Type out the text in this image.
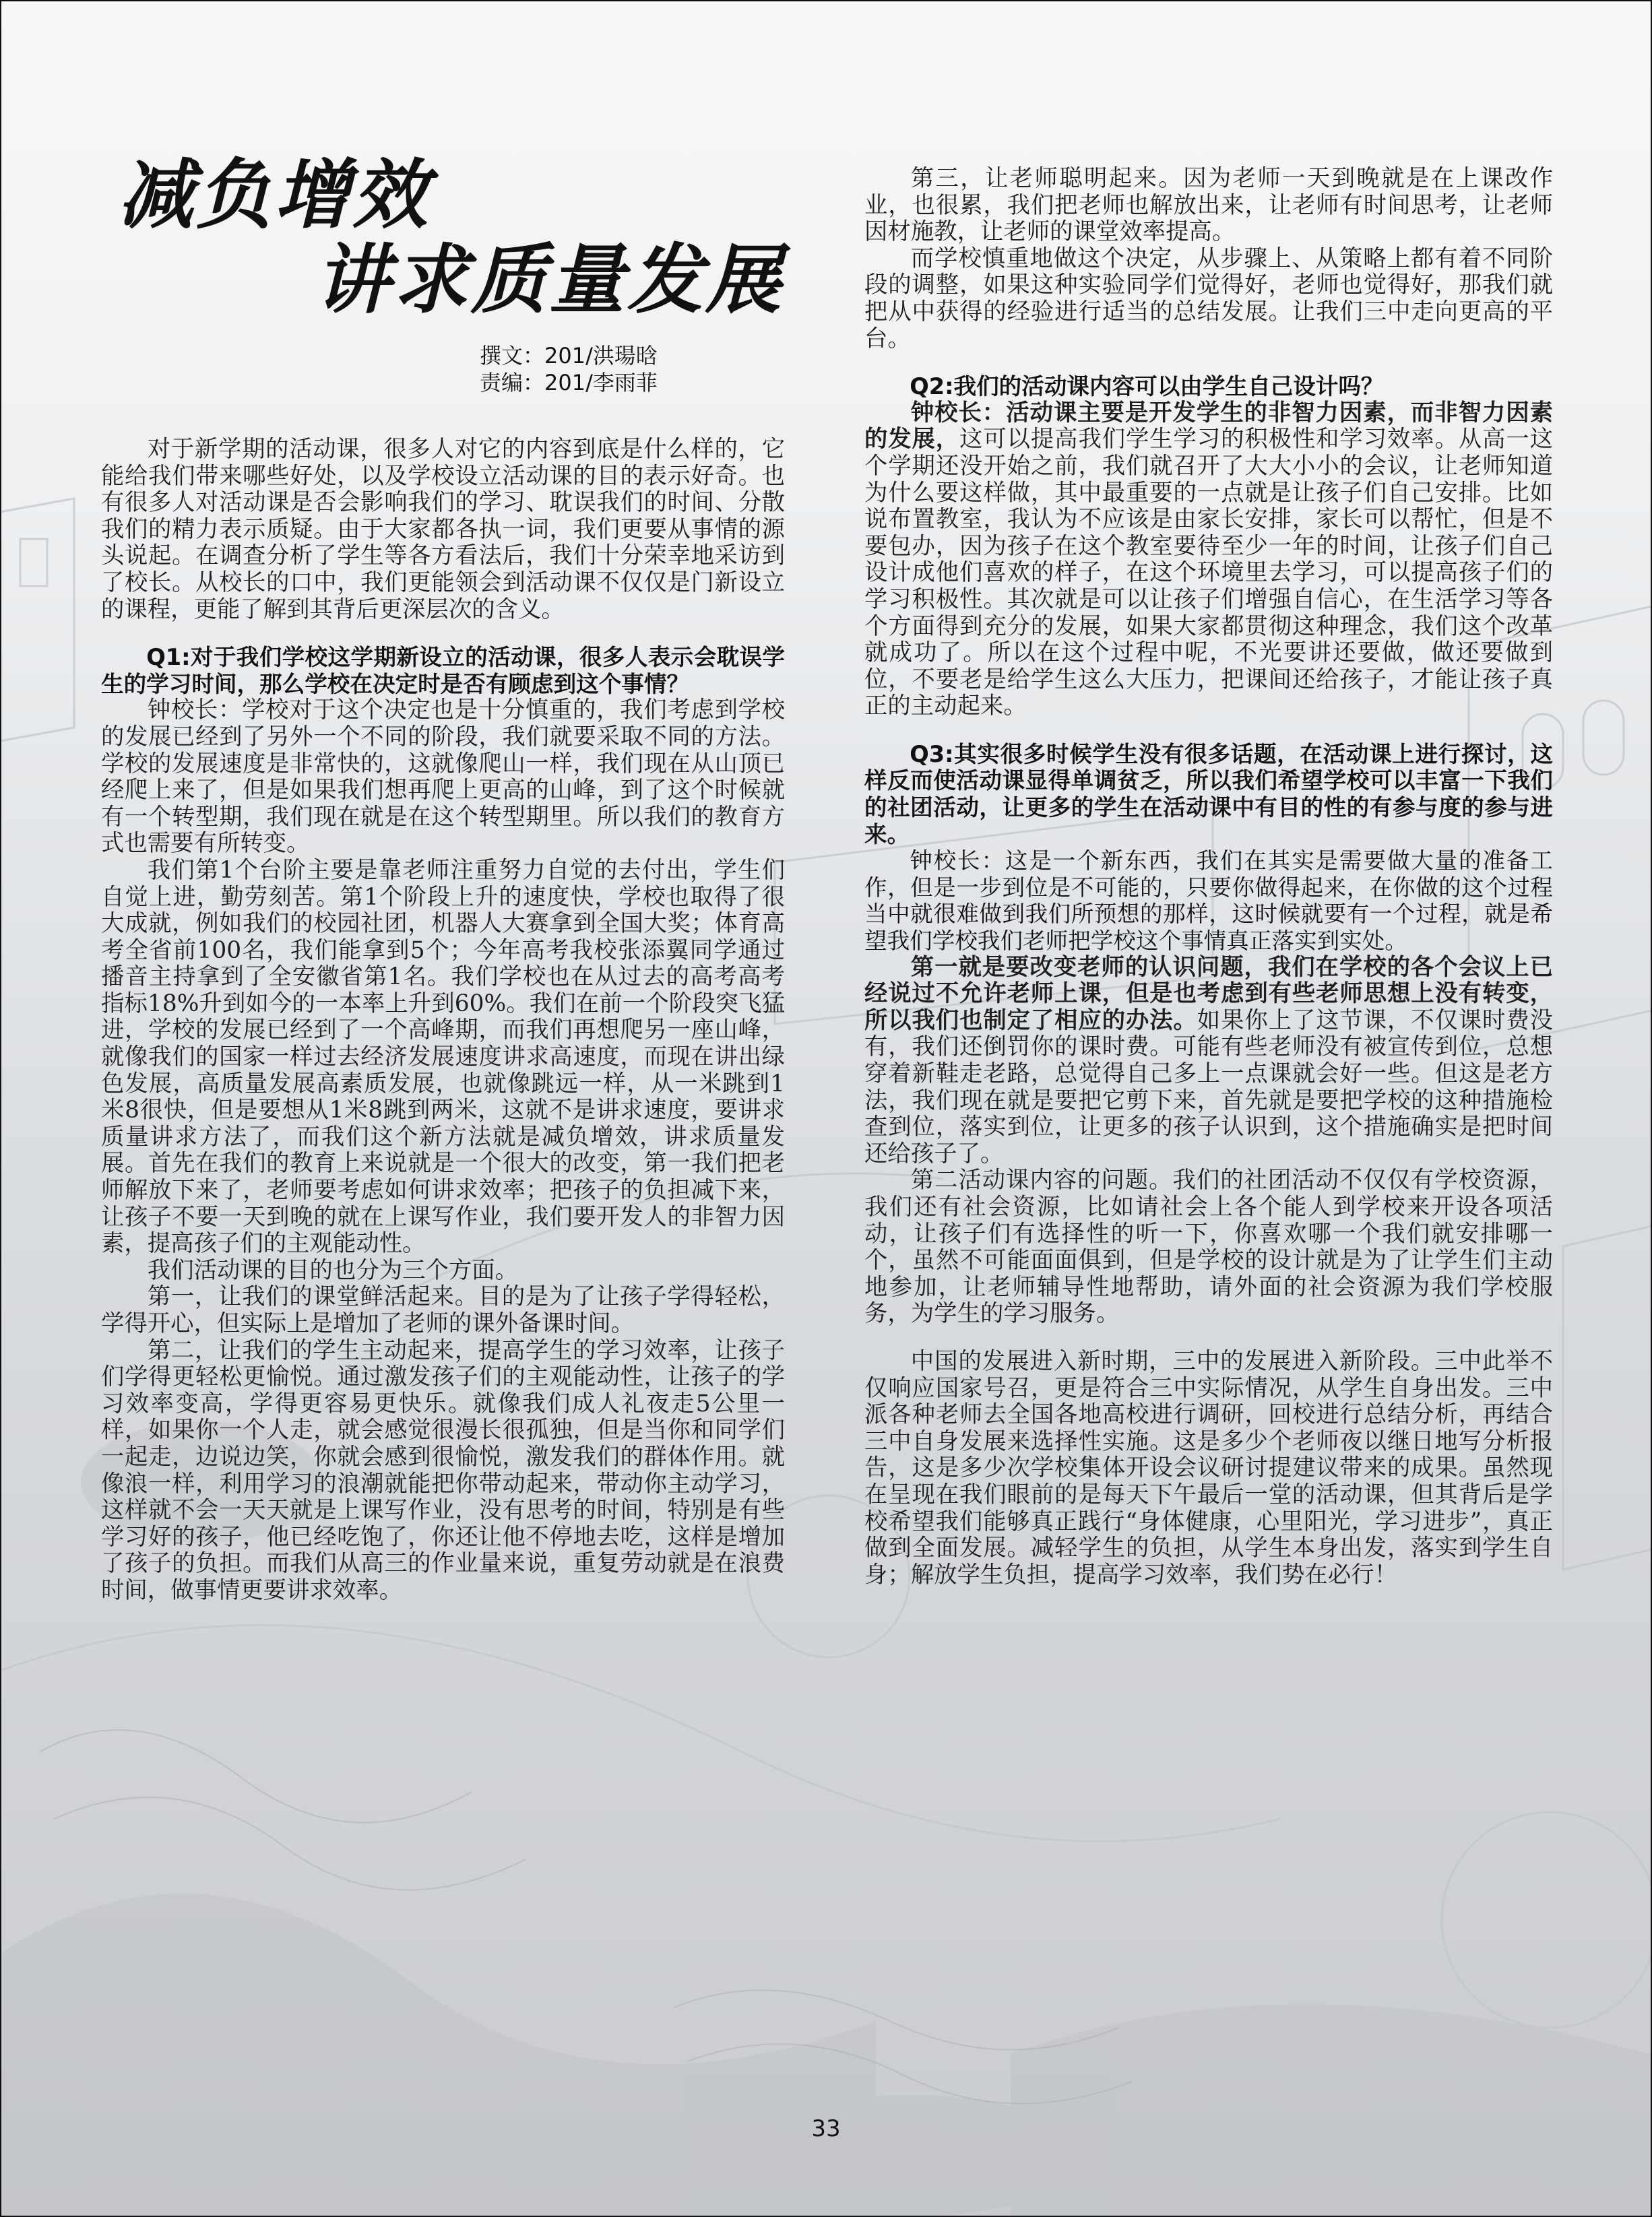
减负增效
讲求质量发展
撰文：201/洪瑒晗
责编：201/李雨菲

对于新学期的活动课，很多人对它的内容到底是什么样的，它能给我们带来哪些好处，以及学校设立活动课的目的表示好奇。也有很多人对活动课是否会影响我们的学习、耽误我们的时间、分散我们的精力表示质疑。由于大家都各执一词，我们更要从事情的源头说起。在调查分析了学生等各方看法后，我们十分荣幸地采访到了校长。从校长的口中，我们更能领会到活动课不仅仅是门新设立的课程，更能了解到其背后更深层次的含义。

Q1:对于我们学校这学期新设立的活动课，很多人表示会耽误学生的学习时间，那么学校在决定时是否有顾虑到这个事情？

钟校长：学校对于这个决定也是十分慎重的，我们考虑到学校的发展已经到了另外一个不同的阶段，我们就要采取不同的方法。学校的发展速度是非常快的，这就像爬山一样，我们现在从山顶已经爬上来了，但是如果我们想再爬上更高的山峰，到了这个时候就有一个转型期，我们现在就是在这个转型期里。所以我们的教育方式也需要有所转变。

我们第1个台阶主要是靠老师注重努力自觉的去付出，学生们自觉上进，勤劳刻苦。第1个阶段上升的速度快，学校也取得了很大成就，例如我们的校园社团，机器人大赛拿到全国大奖；体育高考全省前100名，我们能拿到5个；今年高考我校张添翼同学通过播音主持拿到了全安徽省第1名。我们学校也在从过去的高考高考指标18%升到如今的一本率上升到60%。我们在前一个阶段突飞猛进，学校的发展已经到了一个高峰期，而我们再想爬另一座山峰，就像我们的国家一样过去经济发展速度讲求高速度，而现在讲出绿色发展，高质量发展高素质发展，也就像跳远一样，从一米跳到1米8很快，但是要想从1米8跳到两米，这就不是讲求速度，要讲求质量讲求方法了，而我们这个新方法就是减负增效，讲求质量发展。首先在我们的教育上来说就是一个很大的改变，第一我们把老师解放下来了，老师要考虑如何讲求效率；把孩子的负担减下来，让孩子不要一天到晚的就在上课写作业，我们要开发人的非智力因素，提高孩子们的主观能动性。

我们活动课的目的也分为三个方面。

第一，让我们的课堂鲜活起来。目的是为了让孩子学得轻松，学得开心，但实际上是增加了老师的课外备课时间。

第二，让我们的学生主动起来，提高学生的学习效率，让孩子们学得更轻松更愉悦。通过激发孩子们的主观能动性，让孩子的学习效率变高，学得更容易更快乐。就像我们成人礼夜走5公里一样，如果你一个人走，就会感觉很漫长很孤独，但是当你和同学们一起走，边说边笑，你就会感到很愉悦，激发我们的群体作用。就像浪一样，利用学习的浪潮就能把你带动起来，带动你主动学习，这样就不会一天天就是上课写作业，没有思考的时间，特别是有些学习好的孩子，他已经吃饱了，你还让他不停地去吃，这样是增加了孩子的负担。而我们从高三的作业量来说，重复劳动就是在浪费时间，做事情更要讲求效率。

第三，让老师聪明起来。因为老师一天到晚就是在上课改作业，也很累，我们把老师也解放出来，让老师有时间思考，让老师因材施教，让老师的课堂效率提高。

而学校慎重地做这个决定，从步骤上、从策略上都有着不同阶段的调整，如果这种实验同学们觉得好，老师也觉得好，那我们就把从中获得的经验进行适当的总结发展。让我们三中走向更高的平台。

Q2:我们的活动课内容可以由学生自己设计吗？

钟校长：活动课主要是开发学生的非智力因素，而非智力因素的发展，这可以提高我们学生学习的积极性和学习效率。从高一这个学期还没开始之前，我们就召开了大大小小的会议，让老师知道为什么要这样做，其中最重要的一点就是让孩子们自己安排。比如说布置教室，我认为不应该是由家长安排，家长可以帮忙，但是不要包办，因为孩子在这个教室要待至少一年的时间，让孩子们自己设计成他们喜欢的样子，在这个环境里去学习，可以提高孩子们的学习积极性。其次就是可以让孩子们增强自信心，在生活学习等各个方面得到充分的发展，如果大家都贯彻这种理念，我们这个改革就成功了。所以在这个过程中呢，不光要讲还要做，做还要做到位，不要老是给学生这么大压力，把课间还给孩子，才能让孩子真正的主动起来。

Q3:其实很多时候学生没有很多话题，在活动课上进行探讨，这样反而使活动课显得单调贫乏，所以我们希望学校可以丰富一下我们的社团活动，让更多的学生在活动课中有目的性的有参与度的参与进来。

钟校长：这是一个新东西，我们在其实是需要做大量的准备工作，但是一步到位是不可能的，只要你做得起来，在你做的这个过程当中就很难做到我们所预想的那样，这时候就要有一个过程，就是希望我们学校我们老师把学校这个事情真正落实到实处。

第一就是要改变老师的认识问题，我们在学校的各个会议上已经说过不允许老师上课，但是也考虑到有些老师思想上没有转变，所以我们也制定了相应的办法。如果你上了这节课，不仅课时费没有，我们还倒罚你的课时费。可能有些老师没有被宣传到位，总想穿着新鞋走老路，总觉得自己多上一点课就会好一些。但这是老方法，我们现在就是要把它剪下来，首先就是要把学校的这种措施检查到位，落实到位，让更多的孩子认识到，这个措施确实是把时间还给孩子了。

第二活动课内容的问题。我们的社团活动不仅仅有学校资源，我们还有社会资源，比如请社会上各个能人到学校来开设各项活动，让孩子们有选择性的听一下，你喜欢哪一个我们就安排哪一个，虽然不可能面面俱到，但是学校的设计就是为了让学生们主动地参加，让老师辅导性地帮助，请外面的社会资源为我们学校服务，为学生的学习服务。

中国的发展进入新时期，三中的发展进入新阶段。三中此举不仅响应国家号召，更是符合三中实际情况，从学生自身出发。三中派各种老师去全国各地高校进行调研，回校进行总结分析，再结合三中自身发展来选择性实施。这是多少个老师夜以继日地写分析报告，这是多少次学校集体开设会议研讨提建议带来的成果。虽然现在呈现在我们眼前的是每天下午最后一堂的活动课，但其背后是学校希望我们能够真正践行“身体健康，心里阳光，学习进步”，真正做到全面发展。减轻学生的负担，从学生本身出发，落实到学生自身；解放学生负担，提高学习效率，我们势在必行！

33
